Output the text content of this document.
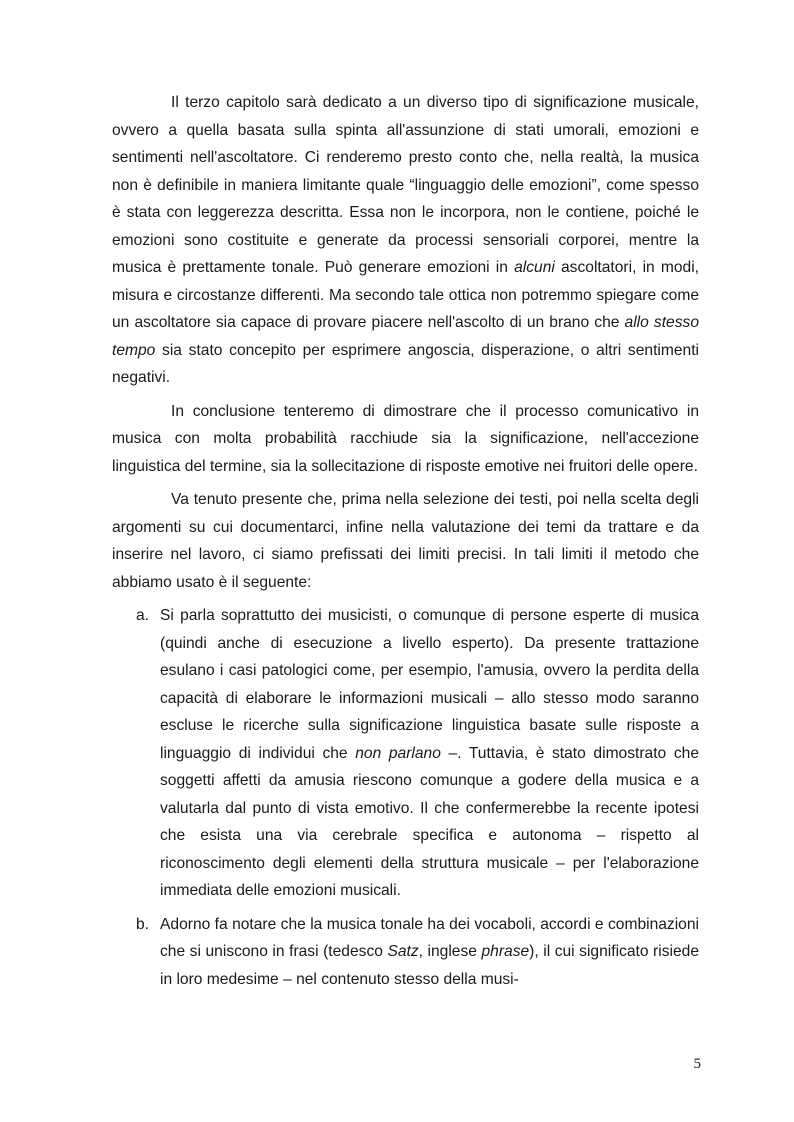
Il terzo capitolo sarà dedicato a un diverso tipo di significazione musicale, ovvero a quella basata sulla spinta all'assunzione di stati umorali, emozioni e sentimenti nell'ascoltatore. Ci renderemo presto conto che, nella realtà, la musica non è definibile in maniera limitante quale “linguaggio delle emozioni”, come spesso è stata con leggerezza descritta. Essa non le incorpora, non le contiene, poiché le emozioni sono costituite e generate da processi sensoriali corporei, mentre la musica è prettamente tonale. Può generare emozioni in alcuni ascoltatori, in modi, misura e circostanze differenti. Ma secondo tale ottica non potremmo spiegare come un ascoltatore sia capace di provare piacere nell'ascolto di un brano che allo stesso tempo sia stato concepito per esprimere angoscia, disperazione, o altri sentimenti negativi.

In conclusione tenteremo di dimostrare che il processo comunicativo in musica con molta probabilità racchiude sia la significazione, nell'accezione linguistica del termine, sia la sollecitazione di risposte emotive nei fruitori delle opere.

Va tenuto presente che, prima nella selezione dei testi, poi nella scelta degli argomenti su cui documentarci, infine nella valutazione dei temi da trattare e da inserire nel lavoro, ci siamo prefissati dei limiti precisi. In tali limiti il metodo che abbiamo usato è il seguente:

a. Si parla soprattutto dei musicisti, o comunque di persone esperte di musica (quindi anche di esecuzione a livello esperto). Da presente trattazione esulano i casi patologici come, per esempio, l'amusia, ovvero la perdita della capacità di elaborare le informazioni musicali – allo stesso modo saranno escluse le ricerche sulla significazione linguistica basate sulle risposte a linguaggio di individui che non parlano –. Tuttavia, è stato dimostrato che soggetti affetti da amusia riescono comunque a godere della musica e a valutarla dal punto di vista emotivo. Il che confermerebbe la recente ipotesi che esista una via cerebrale specifica e autonoma – rispetto al riconoscimento degli elementi della struttura musicale – per l'elaborazione immediata delle emozioni musicali.

b. Adorno fa notare che la musica tonale ha dei vocaboli, accordi e combinazioni che si uniscono in frasi (tedesco Satz, inglese phrase), il cui significato risiede in loro medesime – nel contenuto stesso della musi-

5
